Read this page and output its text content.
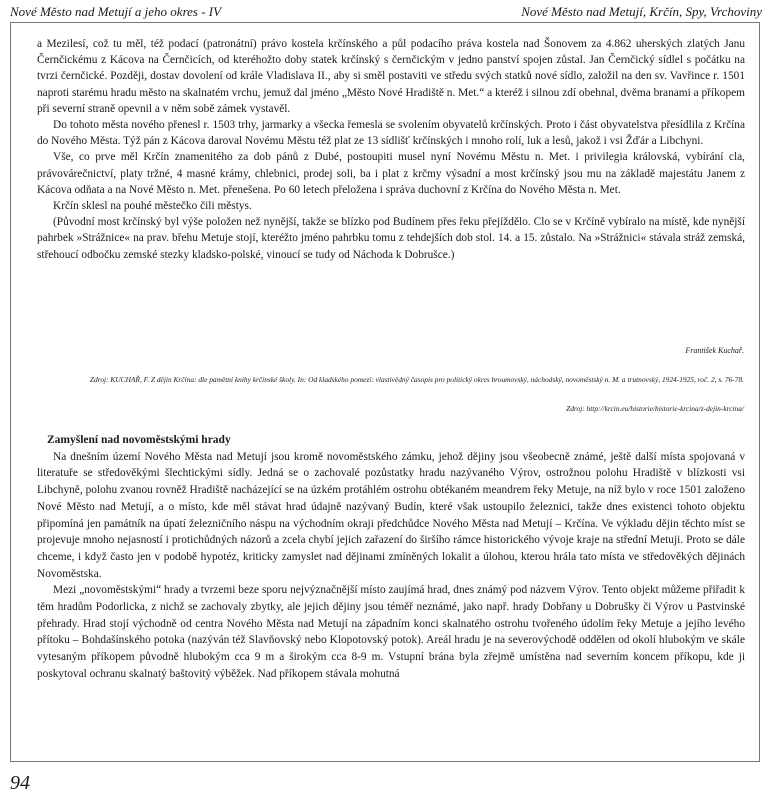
Nové Město nad Metují a jeho okres - IV	Nové Město nad Metují, Krčín, Spy, Vrchoviny

a Mezilesí, což tu měl, též podací (patronátní) právo kostela krčínského a půl podacího práva kostela nad Šonovem za 4.862 uherských zlatých Janu Černčickému z Kácova na Černčicích, od kteréhožto doby statek krčínský s černčickým v jedno panství spojen zůstal. Jan Černčický sídlel s počátku na tvrzi černčické. Později, dostav dovolení od krále Vladislava II., aby si směl postaviti ve středu svých statků nové sídlo, založil na den sv. Vavřince r. 1501 naproti starému hradu město na skalnatém vrchu, jemuž dal jméno „Město Nové Hradiště n. Met.“ a kteréž i silnou zdí obehnal, dvěma branami a příkopem při severní straně opevnil a v něm sobě zámek vystavěl.

Do tohoto města nového přenesl r. 1503 trhy, jarmarky a všecka řemesla se svolením obyvatelů krčínských. Proto i část obyvatelstva přesídlila z Krčína do Nového Města. Týž pán z Kácova daroval Novému Městu též plat ze 13 sídlišť krčínských i mnoho rolí, luk a lesů, jakož i vsi Žďár a Libchyni.

Vše, co prve měl Krčín znamenitého za dob pánů z Dubé, postoupiti musel nyní Novému Městu n. Met. i privilegia královská, vybírání cla, právovárečnictví, platy tržné, 4 masné krámy, chlebnici, prodej soli, ba i plat z krčmy výsadní a most krčínský jsou mu na základě majestátu Janem z Kácova odňata a na Nové Město n. Met. přenešena. Po 60 letech přeložena i správa duchovní z Krčína do Nového Města n. Met.

Krčín sklesl na pouhé městečko čili městys.

(Původní most krčínský byl výše položen než nynější, takže se blízko pod Budínem přes řeku přejíždělo. Clo se v Krčíně vybíralo na místě, kde nynější pahrbek »Strážnice« na prav. břehu Metuje stojí, kteréžto jméno pahrbku tomu z tehdejších dob stol. 14. a 15. zůstalo. Na »Strážnici« stávala stráž zemská, střehoucí odbočku zemské stezky kladsko-polské, vinoucí se tudy od Náchoda k Dobrušce.)

František Kuchař.
Zdroj: KUCHAŘ, F. Z dějin Krčína: dle pamětní knihy krčínské školy. In: Od kladského pomezí: vlastivědný časopis pro politický okres broumovský, náchodský, novoměstský n. M. a trutnovský, 1924-1925, roč. 2, s. 76-78.
Zdroj: http://krcin.eu/historie/historie-krcina/z-dejin-krcina/
Zamyšlení nad novoměstskými hrady

Na dnešním území Nového Města nad Metují jsou kromě novoměstského zámku, jehož dějiny jsou všeobecně známé, ještě další místa spojovaná v literatuře se středověkými šlechtickými sídly. Jedná se o zachovalé pozůstatky hradu nazývaného Výrov, ostrožnou polohu Hradiště v blízkosti vsi Libchyně, polohu zvanou rovněž Hradiště nacházející se na úzkém protáhlém ostrohu obtékaném meandrem řeky Metuje, na níž bylo v roce 1501 založeno Nové Město nad Metují, a o místo, kde měl stávat hrad údajně nazývaný Budín, které však ustoupilo železnici, takže dnes existenci tohoto objektu připomíná jen památník na úpatí železničního náspu na východním okraji předchůdce Nového Města nad Metují – Krčína. Ve výkladu dějin těchto míst se projevuje mnoho nejasností i protichůdných názorů a zcela chybí jejich zařazení do širšího rámce historického vývoje kraje na střední Metuji. Proto se dále chceme, i když často jen v podobě hypotéz, kriticky zamyslet nad dějinami zmíněných lokalit a úlohou, kterou hrála tato místa ve středověkých dějinách Novoměstska.

Mezi „novoměstskými“ hrady a tvrzemi beze sporu nejvýznačnější místo zaujímá hrad, dnes známý pod názvem Výrov. Tento objekt můžeme přiřadit k těm hradům Podorlicka, z nichž se zachovaly zbytky, ale jejich dějiny jsou téměř neznámé, jako např. hrady Dobřany u Dobrušky či Výrov u Pastvinské přehrady. Hrad stojí východně od centra Nového Města nad Metují na západním konci skalnatého ostrohu tvořeného údolím řeky Metuje a jejího levého přítoku – Bohdašínského potoka (nazýván též Slavňovský nebo Klopotovský potok). Areál hradu je na severovýchodě oddělen od okolí hlubokým ve skále vytesaným příkopem původně hlubokým cca 9 m a širokým cca 8-9 m. Vstupní brána byla zřejmě umístěna nad severním koncem příkopu, kde ji poskytoval ochranu skalnatý baštovitý výběžek. Nad příkopem stávala mohutná

94
